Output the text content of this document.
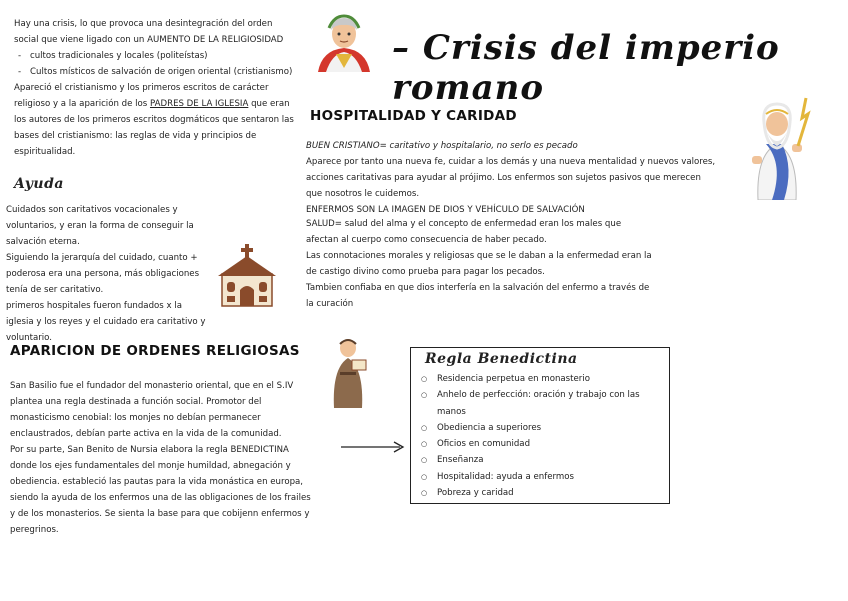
– Crisis del imperio romano

Hay una crisis, lo que provoca una desintegración del orden social que viene ligado con un AUMENTO DE LA RELIGIOSIDAD

- cultos tradicionales y locales (politeístas)
- Cultos místicos de salvación de origen oriental (cristianismo)

Apareció el cristianismo y los primeros escritos de carácter religioso y a la aparición de los PADRES DE LA IGLESIA que eran los autores de los primeros escritos dogmáticos que sentaron las bases del cristianismo: las reglas de vida y principios de espiritualidad.

HOSPITALIDAD Y CARIDAD

BUEN CRISTIANO= caritativo y hospitalario, no serlo es pecado

Aparece por tanto una nueva fe, cuidar a los demás y una nueva mentalidad y nuevos valores, acciones caritativas para ayudar al prójimo. Los enfermos son sujetos pasivos que merecen que nosotros le cuidemos.

ENFERMOS SON LA IMAGEN DE DIOS Y VEHÍCULO DE SALVACIÓN

Ayuda

Cuidados son caritativos vocacionales y voluntarios, y eran la forma de conseguir la salvación eterna.

Siguiendo la jerarquía del cuidado, cuanto + poderosa era una persona, más obligaciones tenía de ser caritativo.

primeros hospitales fueron fundados x la iglesia y los reyes y el cuidado era caritativo y voluntario.

SALUD= salud del alma y el concepto de enfermedad eran los males que afectan al cuerpo como consecuencia de haber pecado.

Las connotaciones morales y religiosas que se le daban a la enfermedad eran la de castigo divino como prueba para pagar los pecados.

Tambien confiaba en que dios interfería en la salvación del enfermo a través de la curación

APARICION DE ORDENES RELIGIOSAS

San Basilio fue el fundador del monasterio oriental, que en el S.IV plantea una regla destinada a función social. Promotor del monasticismo cenobial: los monjes no debían permanecer enclaustrados, debían parte activa en la vida de la comunidad.

Por su parte, San Benito de Nursia elabora la regla BENEDICTINA donde los ejes fundamentales del monje humildad, abnegación y obediencia. estableció las pautas para la vida monástica en europa, siendo la ayuda de los enfermos una de las obligaciones de los frailes y de los monasterios. Se sienta la base para que cobijenn enfermos y peregrinos.

Regla Benedictina
○ Residencia perpetua en monasterio
○ Anhelo de perfección: oración y trabajo con las manos
○ Obediencia a superiores
○ Oficios en comunidad
○ Enseñanza
○ Hospitalidad: ayuda a enfermos
○ Pobreza y caridad
